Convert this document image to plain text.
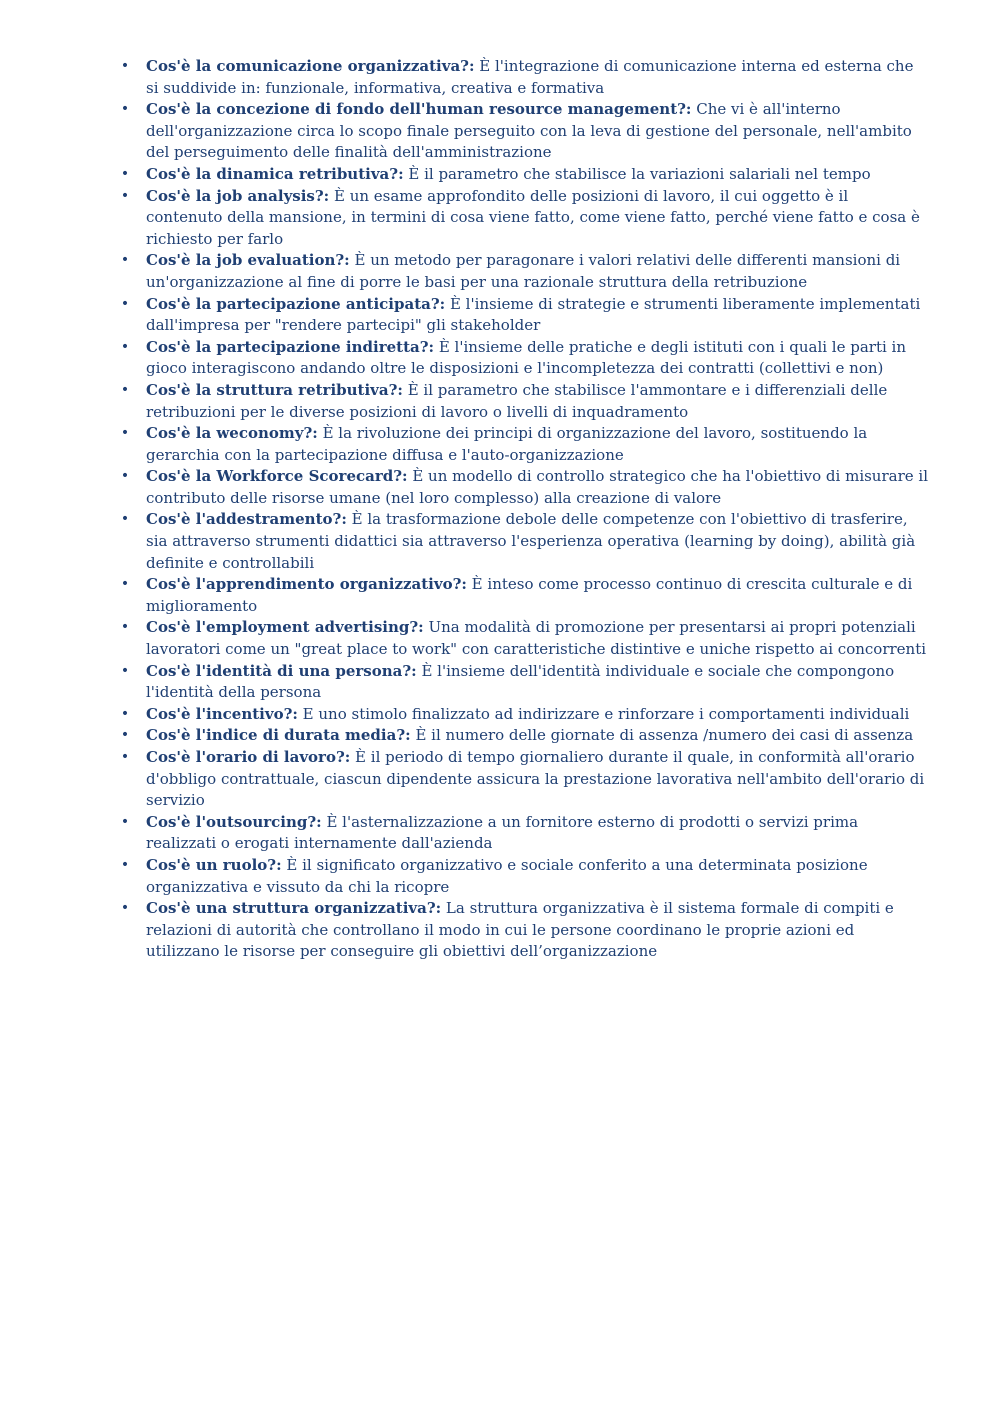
• Cos'è la comunicazione organizzativa?: È l'integrazione di comunicazione interna ed esterna che si suddivide in: funzionale, informativa, creativa e formativa
• Cos'è la concezione di fondo dell'human resource management?: Che vi è all'interno dell'organizzazione circa lo scopo finale perseguito con la leva di gestione del personale, nell'ambito del perseguimento delle finalità dell'amministrazione
• Cos'è la dinamica retributiva?: È il parametro che stabilisce la variazioni salariali nel tempo
• Cos'è la job analysis?: È un esame approfondito delle posizioni di lavoro, il cui oggetto è il contenuto della mansione, in termini di cosa viene fatto, come viene fatto, perché viene fatto e cosa è richiesto per farlo
• Cos'è la job evaluation?: È un metodo per paragonare i valori relativi delle differenti mansioni di un'organizzazione al fine di porre le basi per una razionale struttura della retribuzione
• Cos'è la partecipazione anticipata?: È l'insieme di strategie e strumenti liberamente implementati dall'impresa per "rendere partecipi" gli stakeholder
• Cos'è la partecipazione indiretta?: È l'insieme delle pratiche e degli istituti con i quali le parti in gioco interagiscono andando oltre le disposizioni e l'incompletezza dei contratti (collettivi e non)
• Cos'è la struttura retributiva?: È il parametro che stabilisce l'ammontare e i differenziali delle retribuzioni per le diverse posizioni di lavoro o livelli di inquadramento
• Cos'è la weconomy?: È la rivoluzione dei principi di organizzazione del lavoro, sostituendo la gerarchia con la partecipazione diffusa e l'auto-organizzazione
• Cos'è la Workforce Scorecard?: È un modello di controllo strategico che ha l'obiettivo di misurare il contributo delle risorse umane (nel loro complesso) alla creazione di valore
• Cos'è l'addestramento?: È la trasformazione debole delle competenze con l'obiettivo di trasferire, sia attraverso strumenti didattici sia attraverso l'esperienza operativa (learning by doing), abilità già definite e controllabili
• Cos'è l'apprendimento organizzativo?: È inteso come processo continuo di crescita culturale e di miglioramento
• Cos'è l'employment advertising?: Una modalità di promozione per presentarsi ai propri potenziali lavoratori come un "great place to work" con caratteristiche distintive e uniche rispetto ai concorrenti
• Cos'è l'identità di una persona?: È l'insieme dell'identità individuale e sociale che compongono l'identità della persona
• Cos'è l'incentivo?: E uno stimolo finalizzato ad indirizzare e rinforzare i comportamenti individuali
• Cos'è l'indice di durata media?: È il numero delle giornate di assenza /numero dei casi di assenza
• Cos'è l'orario di lavoro?: È il periodo di tempo giornaliero durante il quale, in conformità all'orario d'obbligo contrattuale, ciascun dipendente assicura la prestazione lavorativa nell'ambito dell'orario di servizio
• Cos'è l'outsourcing?: È l'asternalizzazione a un fornitore esterno di prodotti o servizi prima realizzati o erogati internamente dall'azienda
• Cos'è un ruolo?: È il significato organizzativo e sociale conferito a una determinata posizione organizzativa e vissuto da chi la ricopre
• Cos'è una struttura organizzativa?: La struttura organizzativa è il sistema formale di compiti e relazioni di autorità che controllano il modo in cui le persone coordinano le proprie azioni ed utilizzano le risorse per conseguire gli obiettivi dell’organizzazione
